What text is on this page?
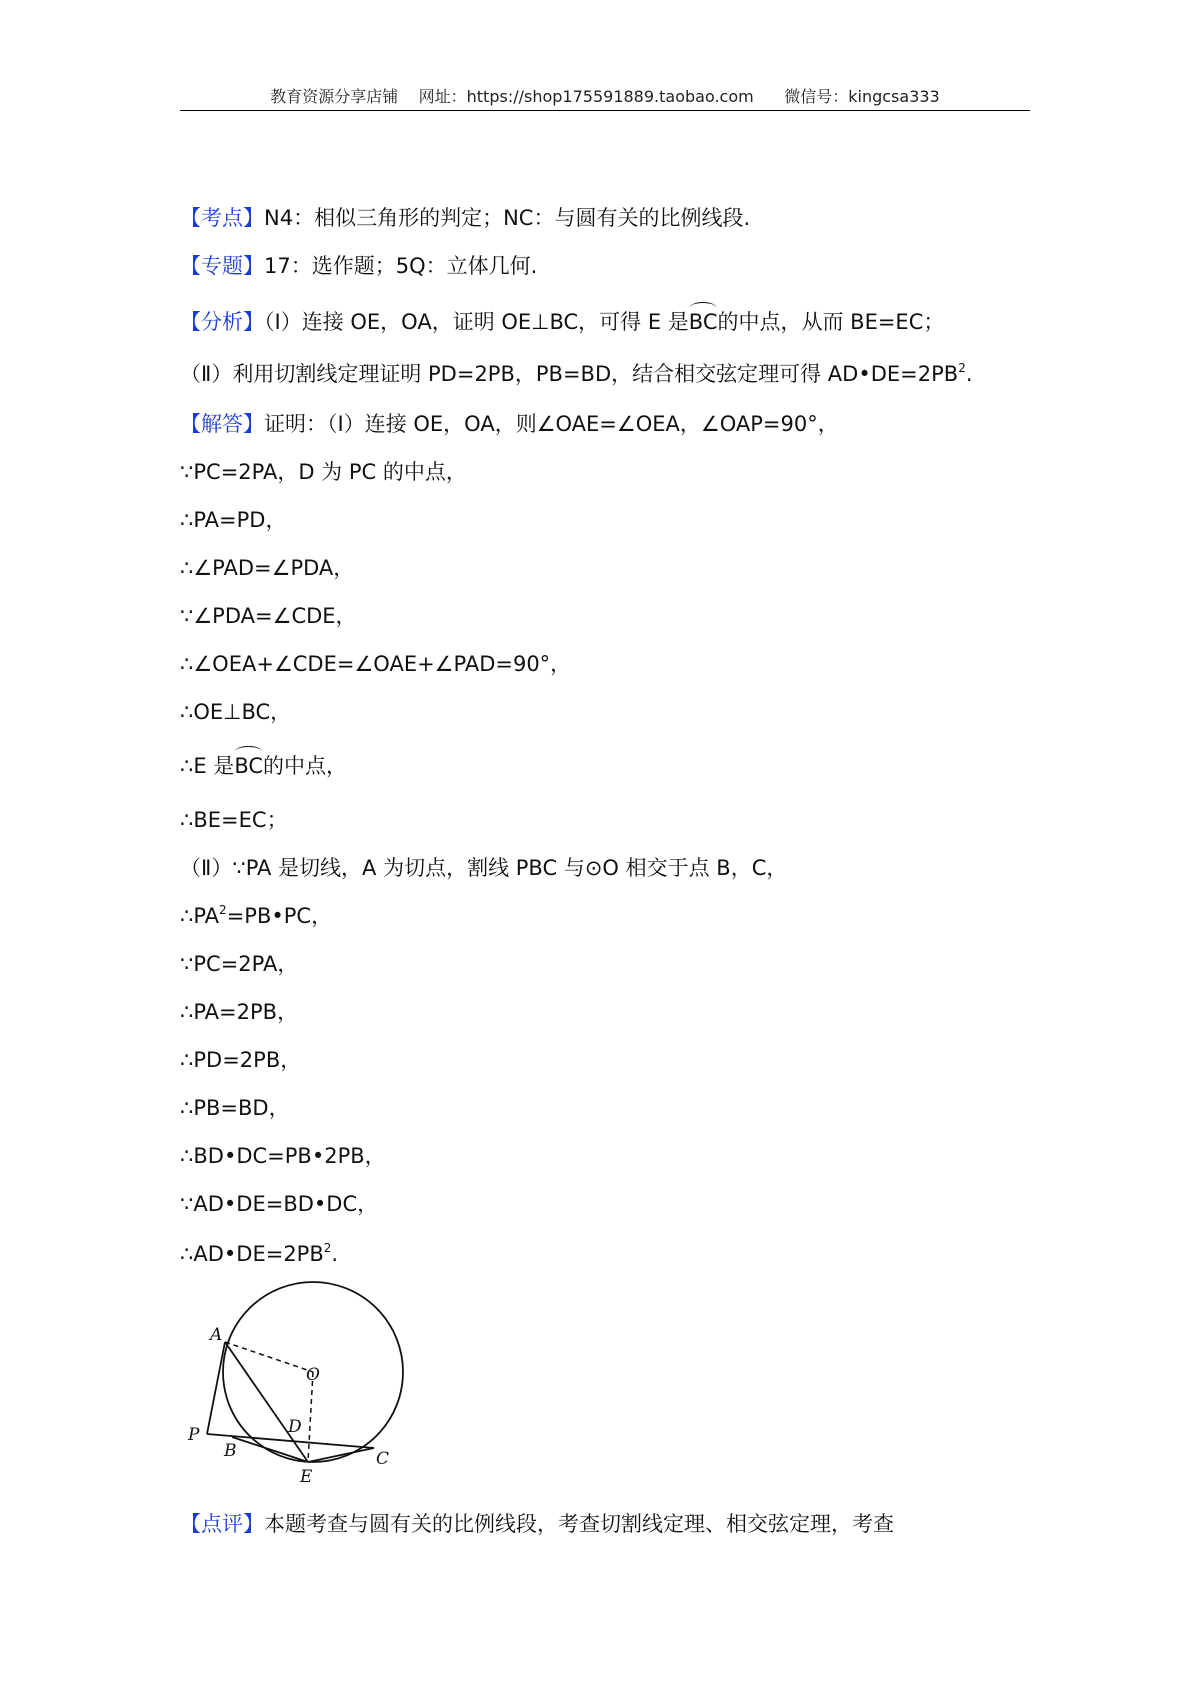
教育资源分享店铺 网址：https://shop175591889.taobao.com 微信号：kingcsa333
【考点】N4：相似三角形的判定；NC：与圆有关的比例线段.
【专题】17：选作题；5Q：立体几何.
【分析】（Ⅰ）连接 OE，OA，证明 OE⊥BC，可得 E 是BC的中点，从而 BE=EC；
（Ⅱ）利用切割线定理证明 PD=2PB，PB=BD，结合相交弦定理可得 $AD•DE=2PB^2$.
【解答】证明：（Ⅰ）连接 OE，OA，则∠OAE=∠OEA，∠OAP=90°，
∵PC=2PA，D 为 PC 的中点，
∴PA=PD，
∴∠PAD=∠PDA，
∵∠PDA=∠CDE，
∴∠OEA+∠CDE=∠OAE+∠PAD=90°，
∴OE⊥BC，
∴E 是BC的中点，
∴BE=EC；
（Ⅱ）∵PA 是切线，A 为切点，割线 PBC 与⊙O 相交于点 B，C，
$\therefore PA^2=PB•PC$，
∵PC=2PA，
∴PA=2PB，
∴PD=2PB，
∴PB=BD，
∴BD•DC=PB•2PB，
∵AD•DE=BD•DC，
$\therefore AD•DE=2PB^2$.
A
O
D
P
B	C
E
【点评】本题考查与圆有关的比例线段，考查切割线定理、相交弦定理，考查
